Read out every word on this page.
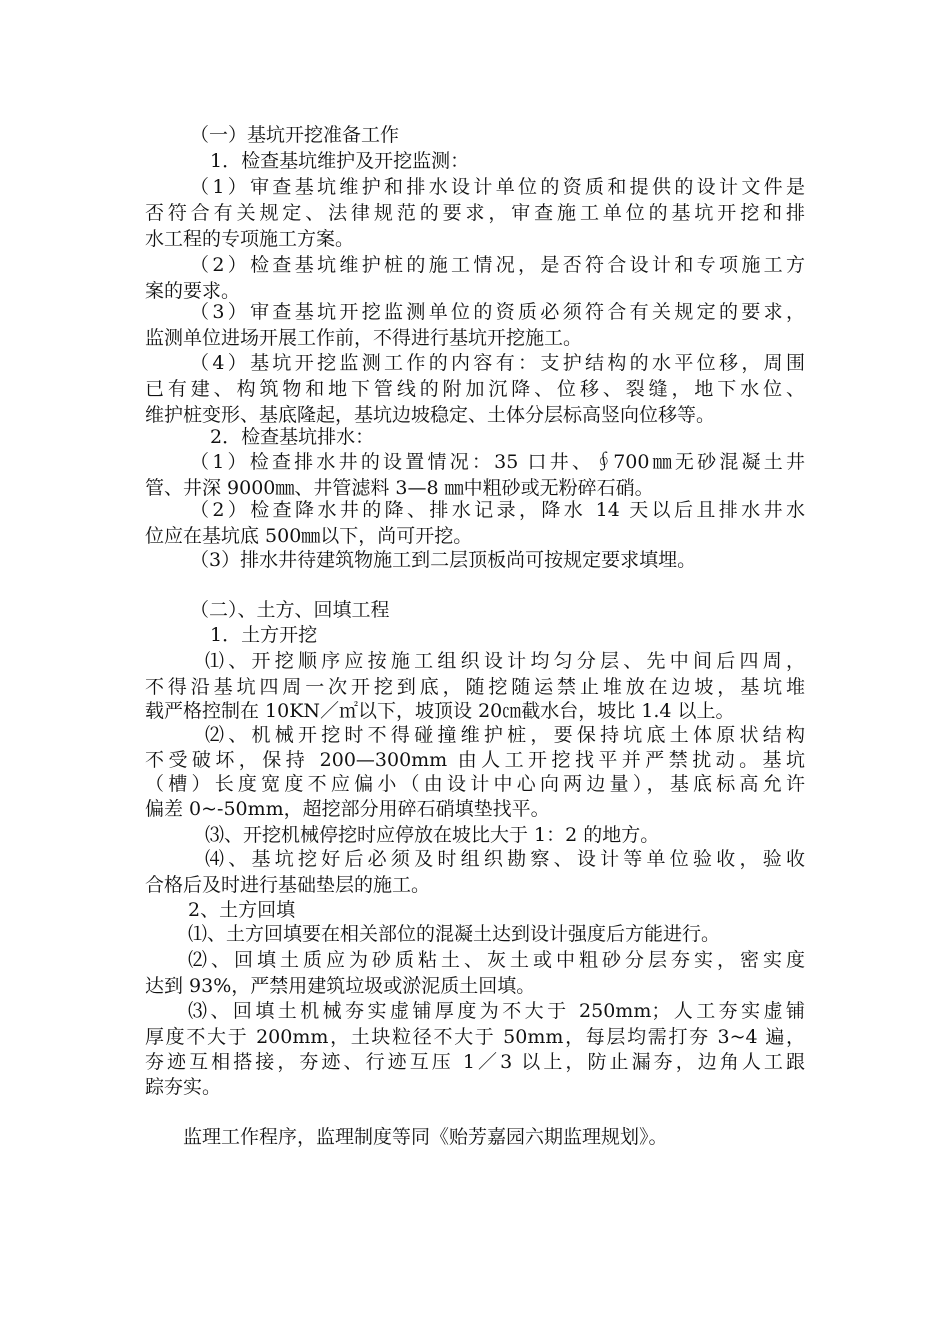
（一）基坑开挖准备工作
1．检查基坑维护及开挖监测：
（1）审查基坑维护和排水设计单位的资质和提供的设计文件是
否符合有关规定、法律规范的要求，审查施工单位的基坑开挖和排
水工程的专项施工方案。
（2）检查基坑维护桩的施工情况，是否符合设计和专项施工方
案的要求。
（3）审查基坑开挖监测单位的资质必须符合有关规定的要求，
监测单位进场开展工作前，不得进行基坑开挖施工。
（4）基坑开挖监测工作的内容有：支护结构的水平位移，周围
已有建、构筑物和地下管线的附加沉降、位移、裂缝，地下水位、
维护桩变形、基底隆起，基坑边坡稳定、土体分层标高竖向位移等。
2．检查基坑排水：
（1）检查排水井的设置情况：35 口井、∮700㎜无砂混凝土井
管、井深 9000㎜、井管滤料 3—8 ㎜中粗砂或无粉碎石硝。
（2）检查降水井的降、排水记录，降水 14 天以后且排水井水
位应在基坑底 500㎜以下，尚可开挖。
（3）排水井待建筑物施工到二层顶板尚可按规定要求填埋。
（二）、土方、回填工程
1．土方开挖
⑴、开挖顺序应按施工组织设计均匀分层、先中间后四周，
不得沿基坑四周一次开挖到底，随挖随运禁止堆放在边坡，基坑堆
载严格控制在 10KN／㎡以下，坡顶设 20㎝截水台，坡比 1.4 以上。
⑵、机械开挖时不得碰撞维护桩，要保持坑底土体原状结构
不受破坏，保持 200—300mm 由人工开挖找平并严禁扰动。基坑
（槽）长度宽度不应偏小（由设计中心向两边量），基底标高允许
偏差 0~-50mm，超挖部分用碎石硝填垫找平。
⑶、开挖机械停挖时应停放在坡比大于 1：2 的地方。
⑷、基坑挖好后必须及时组织勘察、设计等单位验收，验收
合格后及时进行基础垫层的施工。
2、土方回填
⑴、土方回填要在相关部位的混凝土达到设计强度后方能进行。
⑵、回填土质应为砂质粘土、灰土或中粗砂分层夯实，密实度
达到 93%，严禁用建筑垃圾或淤泥质土回填。
⑶、回填土机械夯实虚铺厚度为不大于 250mm；人工夯实虚铺
厚度不大于 200mm，土块粒径不大于 50mm，每层均需打夯 3~4 遍，
夯迹互相搭接，夯迹、行迹互压 1／3 以上，防止漏夯，边角人工跟
踪夯实。
监理工作程序，监理制度等同《贻芳嘉园六期监理规划》。
